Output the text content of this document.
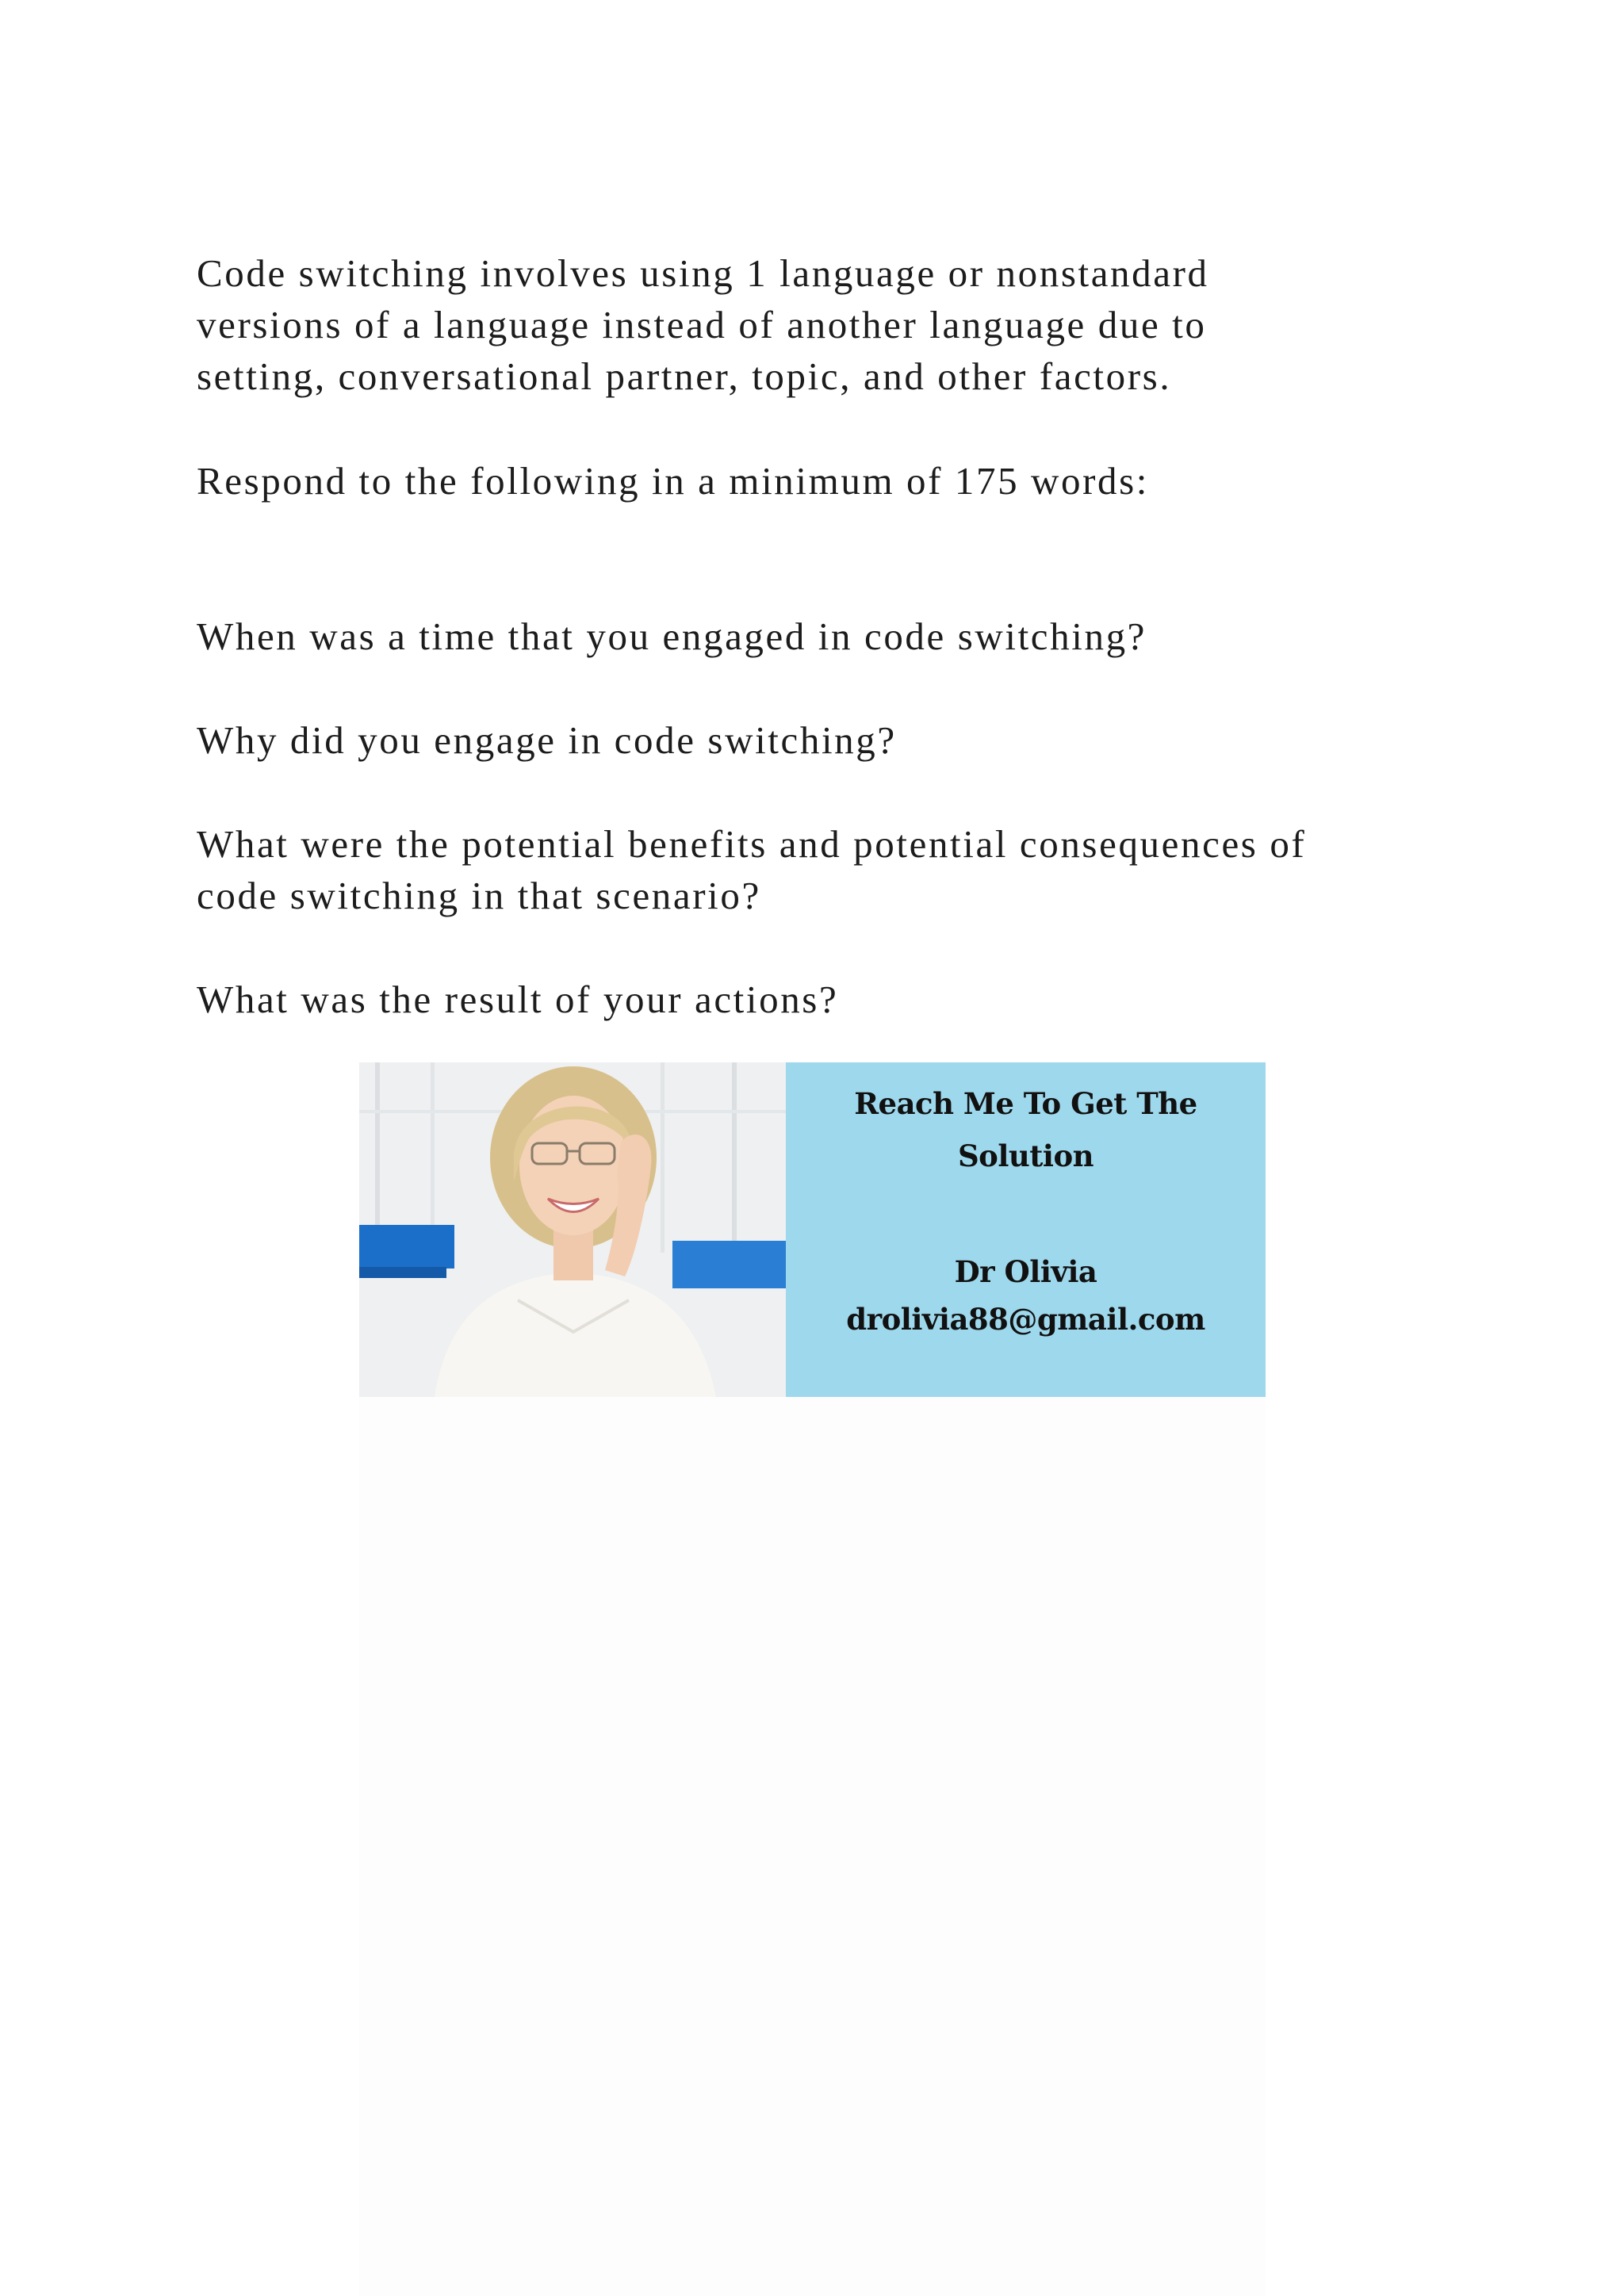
Code switching involves using 1 language or nonstandard
versions of a language instead of another language due to
setting, conversational partner, topic, and other factors.

Respond to the following in a minimum of 175 words:

When was a time that you engaged in code switching?

Why did you engage in code switching?

What were the potential benefits and potential consequences of
code switching in that scenario?

What was the result of your actions?

Reach Me To Get The
Solution
Dr Olivia
drolivia88@gmail.com
